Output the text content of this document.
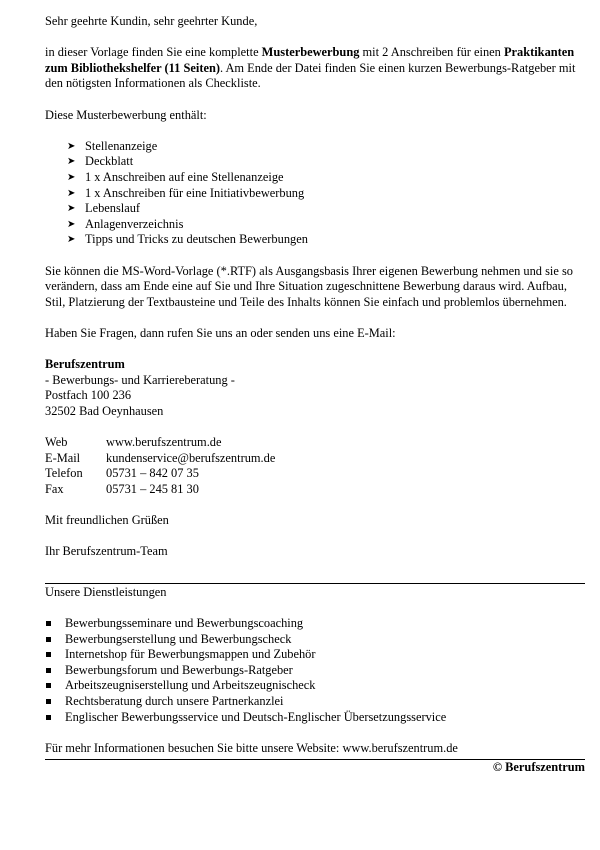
Sehr geehrte Kundin, sehr geehrter Kunde,

in dieser Vorlage finden Sie eine komplette Musterbewerbung mit 2 Anschreiben für einen Praktikanten zum Bibliothekshelfer (11 Seiten). Am Ende der Datei finden Sie einen kurzen Bewerbungs-Ratgeber mit den nötigsten Informationen als Checkliste.

Diese Musterbewerbung enthält:

➤ Stellenanzeige
➤ Deckblatt
➤ 1 x Anschreiben auf eine Stellenanzeige
➤ 1 x Anschreiben für eine Initiativbewerbung
➤ Lebenslauf
➤ Anlagenverzeichnis
➤ Tipps und Tricks zu deutschen Bewerbungen

Sie können die MS-Word-Vorlage (*.RTF) als Ausgangsbasis Ihrer eigenen Bewerbung nehmen und sie so verändern, dass am Ende eine auf Sie und Ihre Situation zugeschnittene Bewerbung daraus wird. Aufbau, Stil, Platzierung der Textbausteine und Teile des Inhalts können Sie einfach und problemlos übernehmen.

Haben Sie Fragen, dann rufen Sie uns an oder senden uns eine E-Mail:

Berufszentrum

- Bewerbungs- und Karriereberatung -

Postfach 100 236

32502 Bad Oeynhausen

Web	www.berufszentrum.de
E-Mail	kundenservice@berufszentrum.de
Telefon	05731 – 842 07 35
Fax	05731 – 245 81 30

Mit freundlichen Grüßen

Ihr Berufszentrum-Team

Unsere Dienstleistungen

Bewerbungsseminare und Bewerbungscoaching
Bewerbungserstellung und Bewerbungscheck
Internetshop für Bewerbungsmappen und Zubehör
Bewerbungsforum und Bewerbungs-Ratgeber
Arbeitszeugniserstellung und Arbeitszeugnischeck
Rechtsberatung durch unsere Partnerkanzlei
Englischer Bewerbungsservice und Deutsch-Englischer Übersetzungsservice

Für mehr Informationen besuchen Sie bitte unsere Website: www.berufszentrum.de

© Berufszentrum
